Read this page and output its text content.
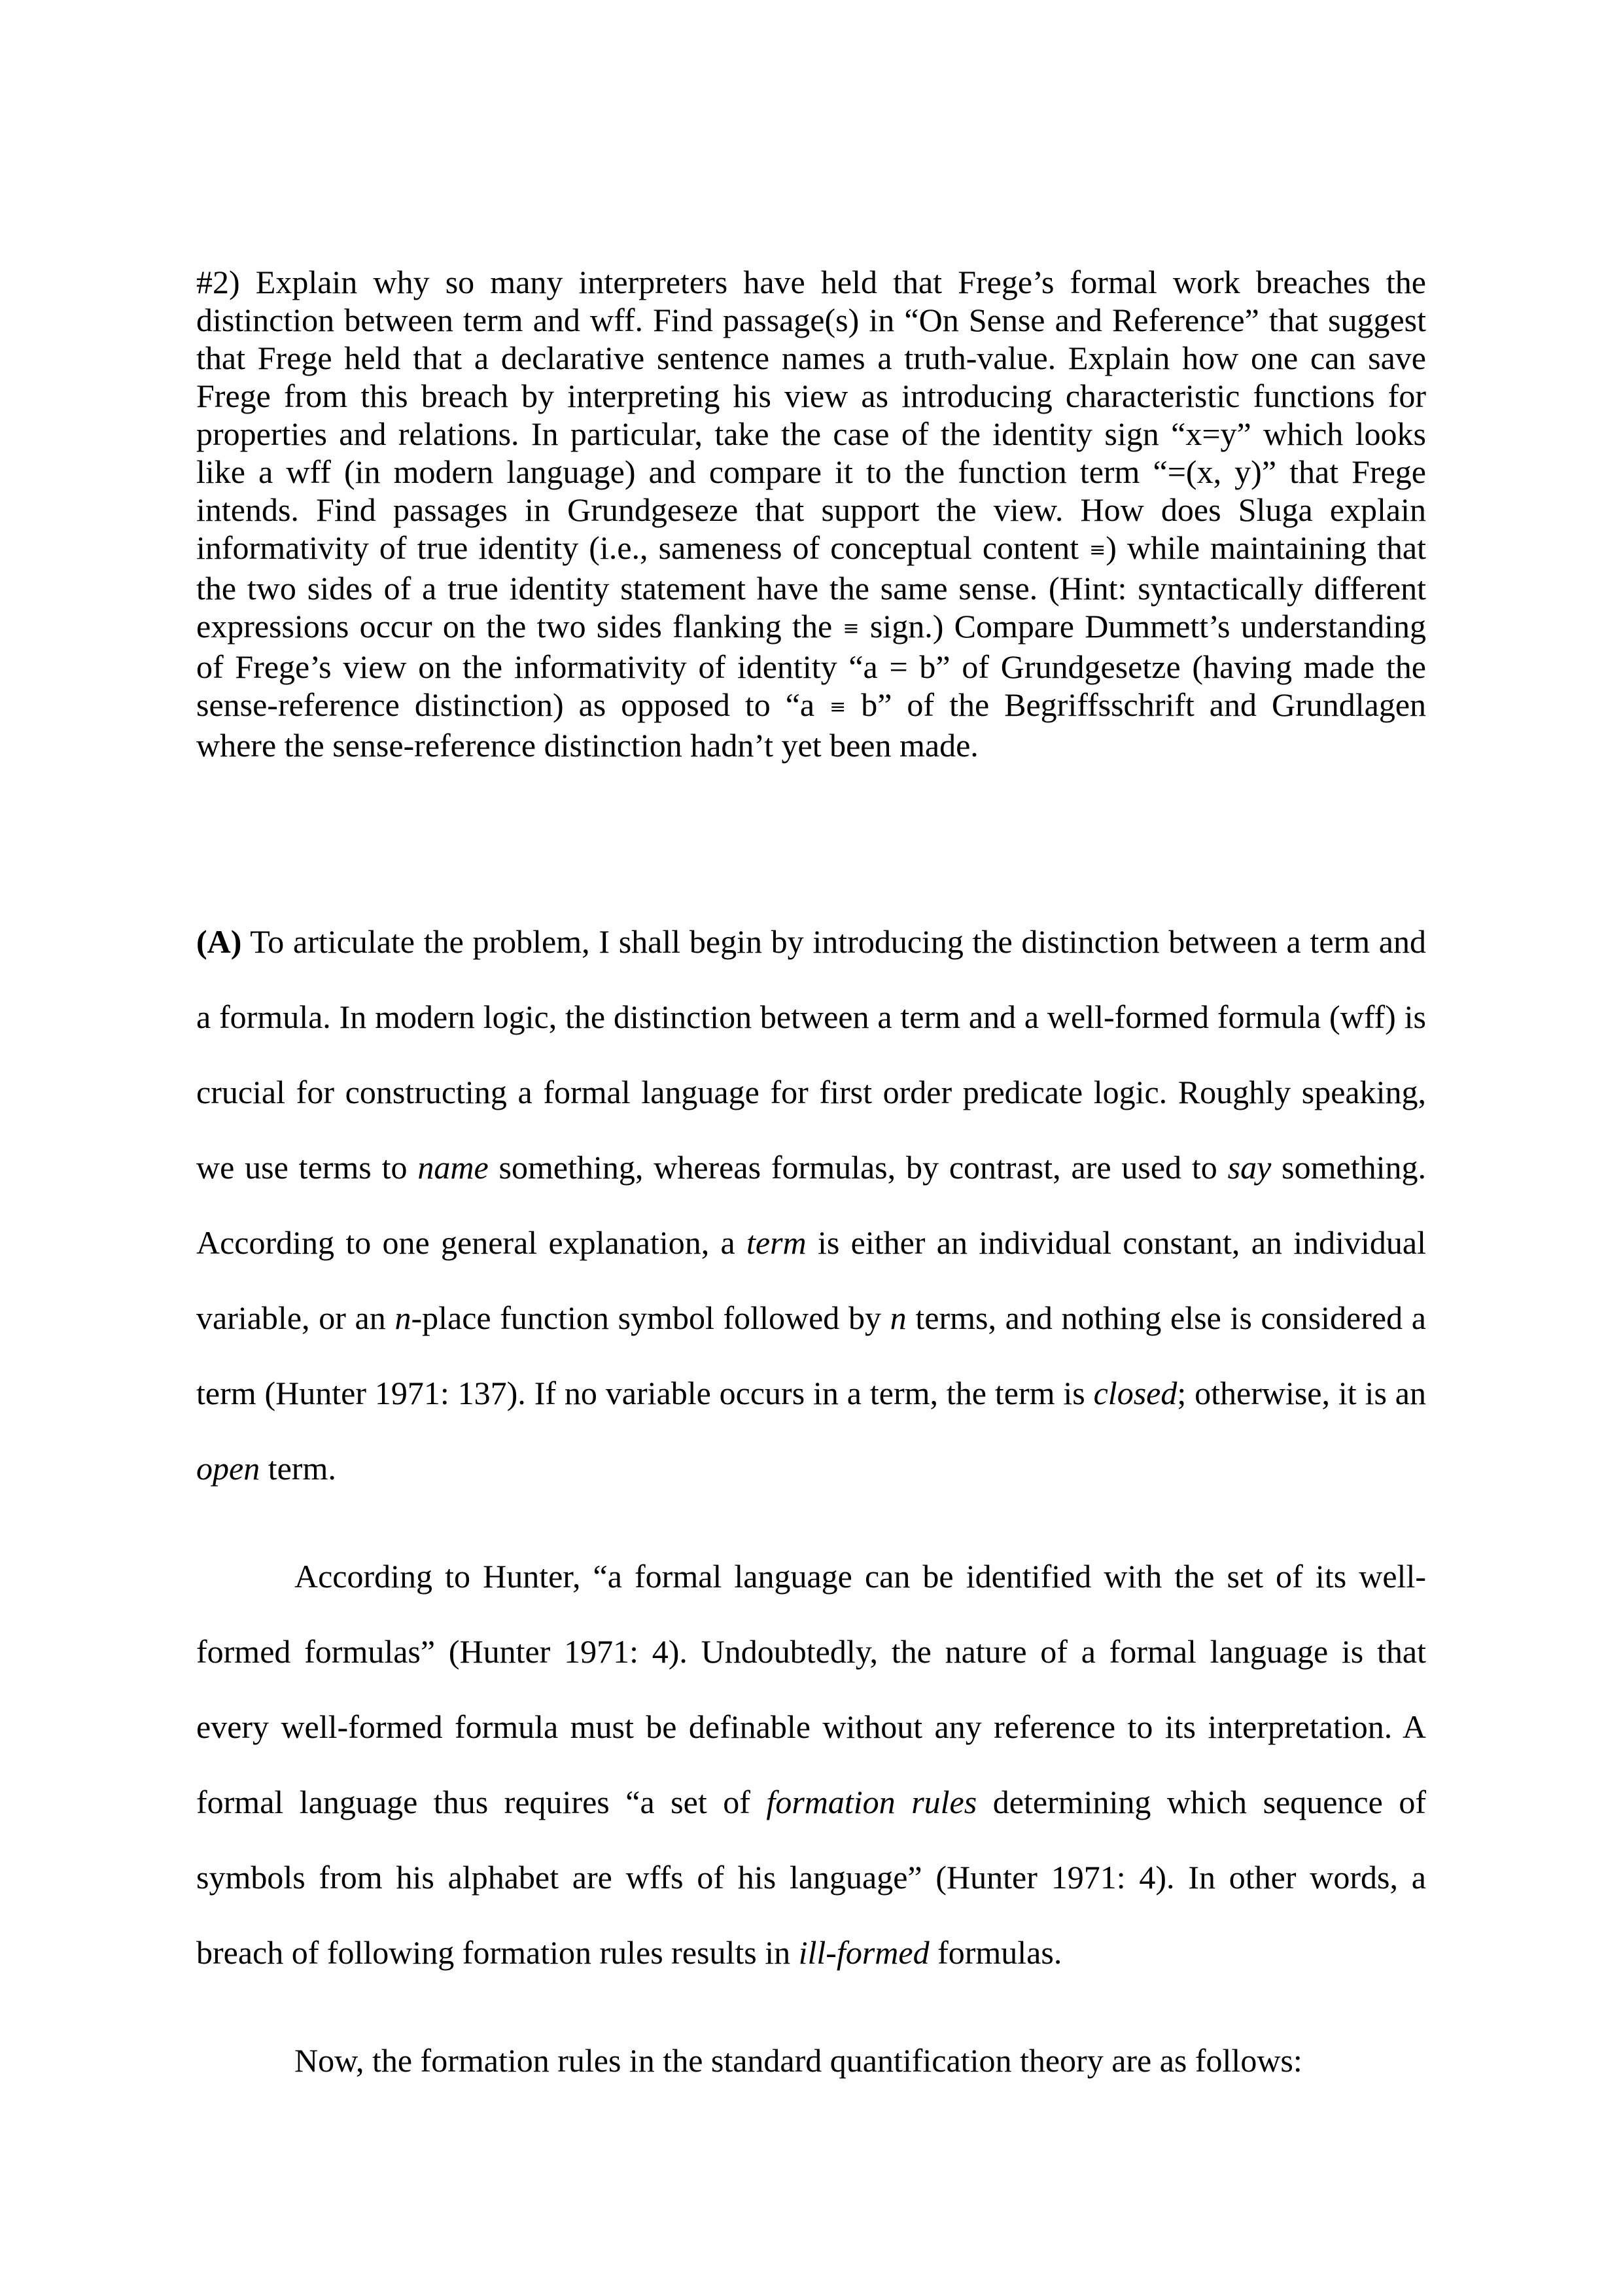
#2) Explain why so many interpreters have held that Frege’s formal work breaches the distinction between term and wff. Find passage(s) in “On Sense and Reference” that suggest that Frege held that a declarative sentence names a truth-value. Explain how one can save Frege from this breach by interpreting his view as introducing characteristic functions for properties and relations. In particular, take the case of the identity sign “x=y” which looks like a wff (in modern language) and compare it to the function term “=(x, y)” that Frege intends. Find passages in Grundgeseze that support the view. How does Sluga explain informativity of true identity (i.e., sameness of conceptual content ≡) while maintaining that the two sides of a true identity statement have the same sense. (Hint: syntactically different expressions occur on the two sides flanking the ≡ sign.) Compare Dummett’s understanding of Frege’s view on the informativity of identity “a = b” of Grundgesetze (having made the sense-reference distinction) as opposed to “a ≡ b” of the Begriffsschrift and Grundlagen where the sense-reference distinction hadn’t yet been made.

(A) To articulate the problem, I shall begin by introducing the distinction between a term and a formula. In modern logic, the distinction between a term and a well-formed formula (wff) is crucial for constructing a formal language for first order predicate logic. Roughly speaking, we use terms to name something, whereas formulas, by contrast, are used to say something. According to one general explanation, a term is either an individual constant, an individual variable, or an n-place function symbol followed by n terms, and nothing else is considered a term (Hunter 1971: 137). If no variable occurs in a term, the term is closed; otherwise, it is an open term.

According to Hunter, “a formal language can be identified with the set of its well-formed formulas” (Hunter 1971: 4). Undoubtedly, the nature of a formal language is that every well-formed formula must be definable without any reference to its interpretation. A formal language thus requires “a set of formation rules determining which sequence of symbols from his alphabet are wffs of his language” (Hunter 1971: 4). In other words, a breach of following formation rules results in ill-formed formulas.

Now, the formation rules in the standard quantification theory are as follows:
